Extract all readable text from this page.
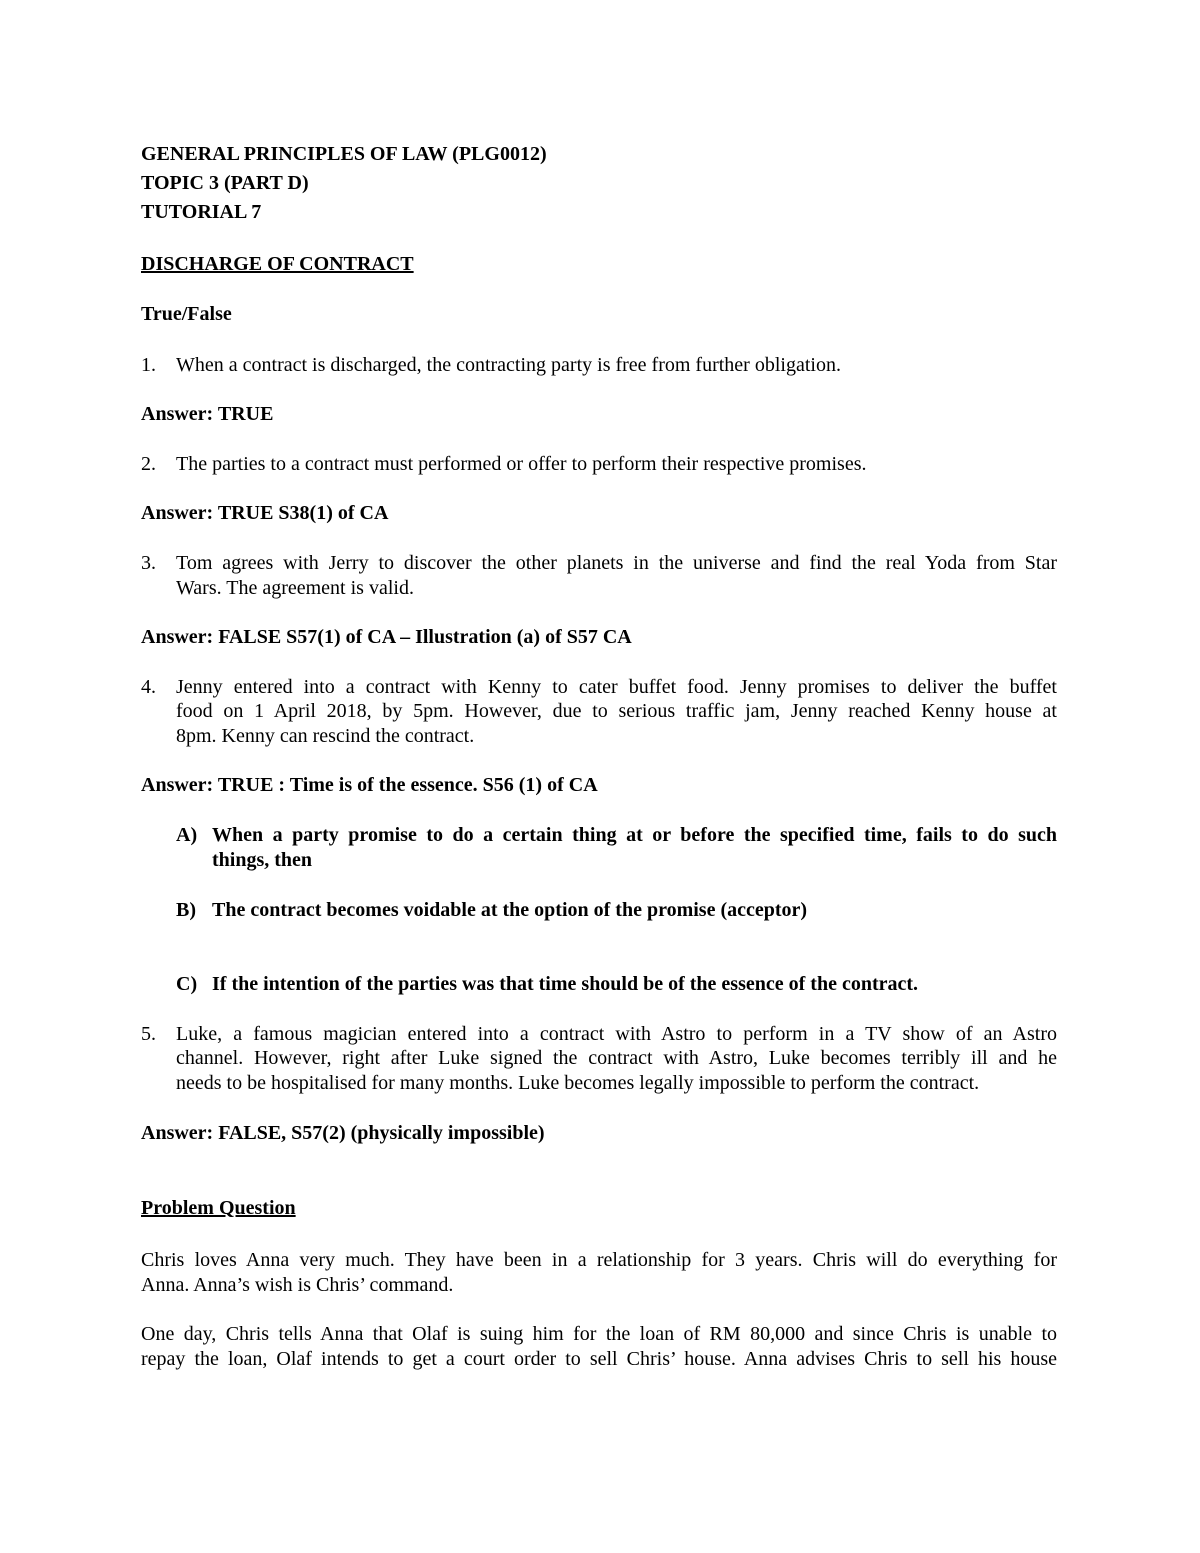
GENERAL PRINCIPLES OF LAW (PLG0012)
TOPIC 3 (PART D)
TUTORIAL 7
DISCHARGE OF CONTRACT
True/False
1. When a contract is discharged, the contracting party is free from further obligation.
Answer: TRUE
2. The parties to a contract must performed or offer to perform their respective promises.
Answer: TRUE S38(1) of CA
3. Tom agrees with Jerry to discover the other planets in the universe and find the real Yoda from Star
Wars. The agreement is valid.
Answer: FALSE S57(1) of CA – Illustration (a) of S57 CA
4. Jenny entered into a contract with Kenny to cater buffet food. Jenny promises to deliver the buffet
food on 1 April 2018, by 5pm. However, due to serious traffic jam, Jenny reached Kenny house at
8pm. Kenny can rescind the contract.
Answer: TRUE : Time is of the essence. S56 (1) of CA
A) When a party promise to do a certain thing at or before the specified time, fails to do such
things, then
B) The contract becomes voidable at the option of the promise (acceptor)
C) If the intention of the parties was that time should be of the essence of the contract.
5. Luke, a famous magician entered into a contract with Astro to perform in a TV show of an Astro
channel. However, right after Luke signed the contract with Astro, Luke becomes terribly ill and he
needs to be hospitalised for many months. Luke becomes legally impossible to perform the contract.
Answer: FALSE, S57(2) (physically impossible)
Problem Question
Chris loves Anna very much. They have been in a relationship for 3 years. Chris will do everything for
Anna. Anna’s wish is Chris’ command.
One day, Chris tells Anna that Olaf is suing him for the loan of RM 80,000 and since Chris is unable to
repay the loan, Olaf intends to get a court order to sell Chris’ house. Anna advises Chris to sell his house
